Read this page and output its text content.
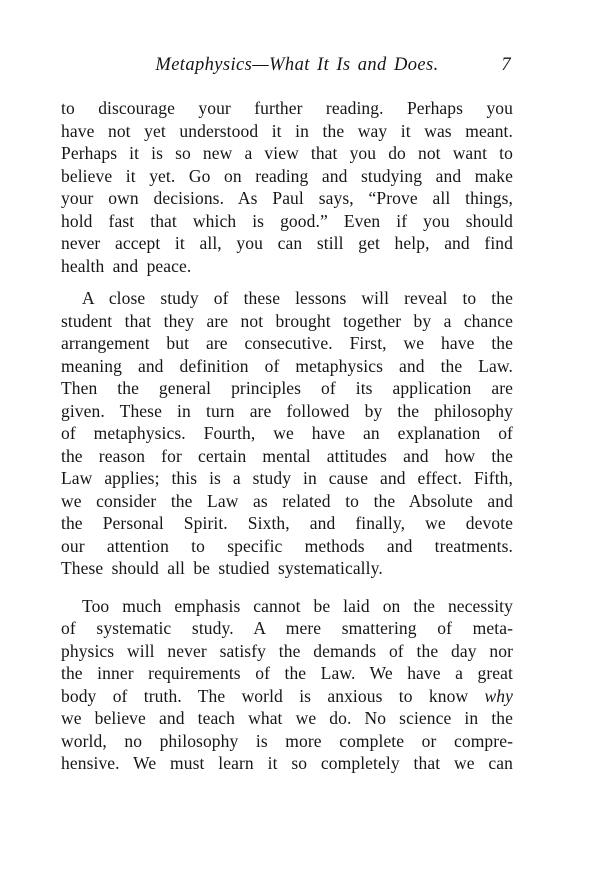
Metaphysics—What It Is and Does.	7
to discourage your further reading. Perhaps you
have not yet understood it in the way it was meant.
Perhaps it is so new a view that you do not want to
believe it yet. Go on reading and studying and make
your own decisions. As Paul says, “Prove all things,
hold fast that which is good.” Even if you should
never accept it all, you can still get help, and find
health and peace.
A close study of these lessons will reveal to the
student that they are not brought together by a chance
arrangement but are consecutive. First, we have the
meaning and definition of metaphysics and the Law.
Then the general principles of its application are
given. These in turn are followed by the philosophy
of metaphysics. Fourth, we have an explanation of
the reason for certain mental attitudes and how the
Law applies; this is a study in cause and effect. Fifth,
we consider the Law as related to the Absolute and
the Personal Spirit. Sixth, and finally, we devote
our attention to specific methods and treatments.
These should all be studied systematically.
Too much emphasis cannot be laid on the necessity
of systematic study. A mere smattering of meta-
physics will never satisfy the demands of the day nor
the inner requirements of the Law. We have a great
body of truth. The world is anxious to know why
we believe and teach what we do. No science in the
world, no philosophy is more complete or compre-
hensive. We must learn it so completely that we can
